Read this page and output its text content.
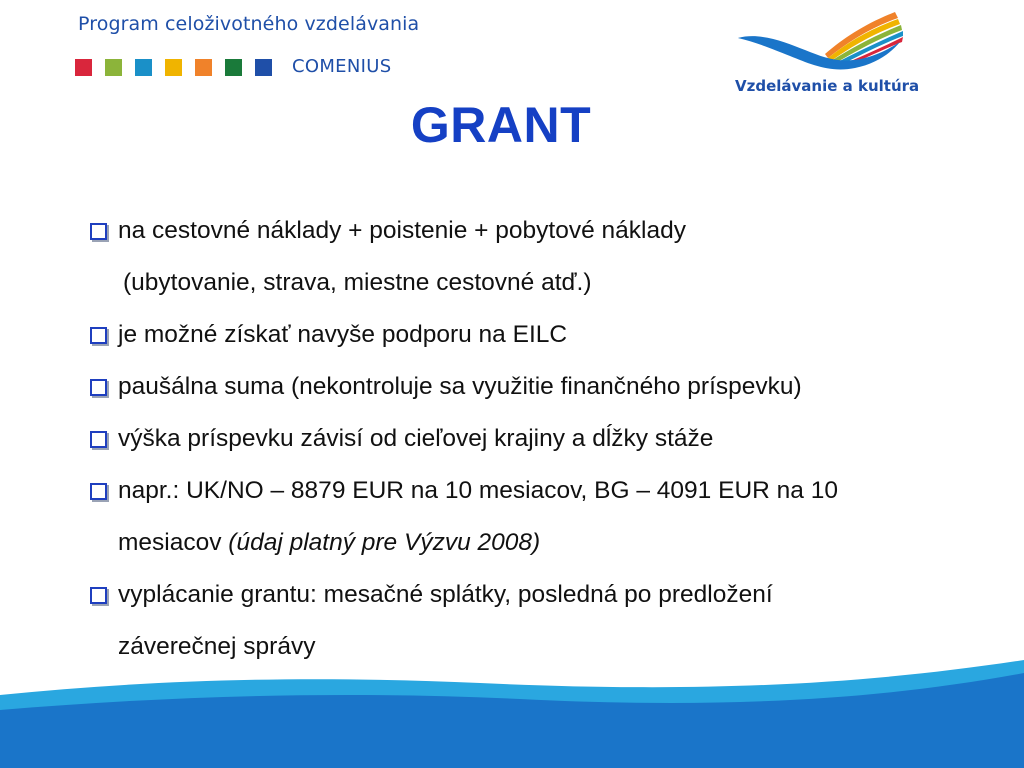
Program celoživotného vzdelávania
COMENIUS
Vzdelávanie a kultúra
GRANT
na cestovné náklady + poistenie + pobytové náklady
(ubytovanie, strava, miestne cestovné atď.)
je možné získať navyše podporu na EILC
paušálna suma (nekontroluje sa využitie finančného príspevku)
výška príspevku závisí od cieľovej krajiny a dĺžky stáže
napr.: UK/NO – 8879 EUR na 10 mesiacov, BG – 4091 EUR na 10
mesiacov (údaj platný pre Výzvu 2008)
vyplácanie grantu: mesačné splátky, posledná po predložení
záverečnej správy
